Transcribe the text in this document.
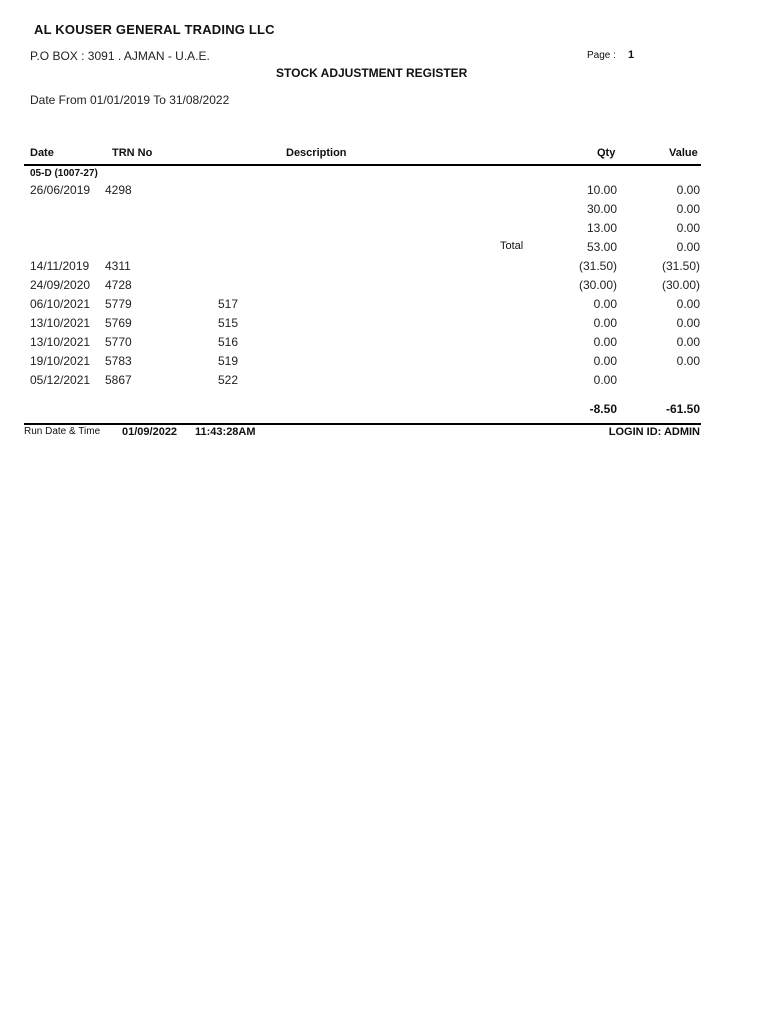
AL KOUSER GENERAL TRADING LLC
P.O BOX : 3091 . AJMAN - U.A.E.	Page : 1
STOCK ADJUSTMENT REGISTER
Date From 01/01/2019 To 31/08/2022
Date	TRN No	Description	Qty	Value
05-D (1007-27)
26/06/2019 4298	10.00	0.00
30.00	0.00
13.00	0.00
Total	53.00	0.00
14/11/2019 4311	(31.50)	(31.50)
24/09/2020 4728	(30.00)	(30.00)
06/10/2021 5779	517	0.00	0.00
13/10/2021 5769	515	0.00	0.00
13/10/2021 5770	516	0.00	0.00
19/10/2021 5783	519	0.00	0.00
05/12/2021 5867	522	0.00
-8.50	-61.50
Run Date & Time 01/09/2022 11:43:28AM	LOGIN ID: ADMIN
